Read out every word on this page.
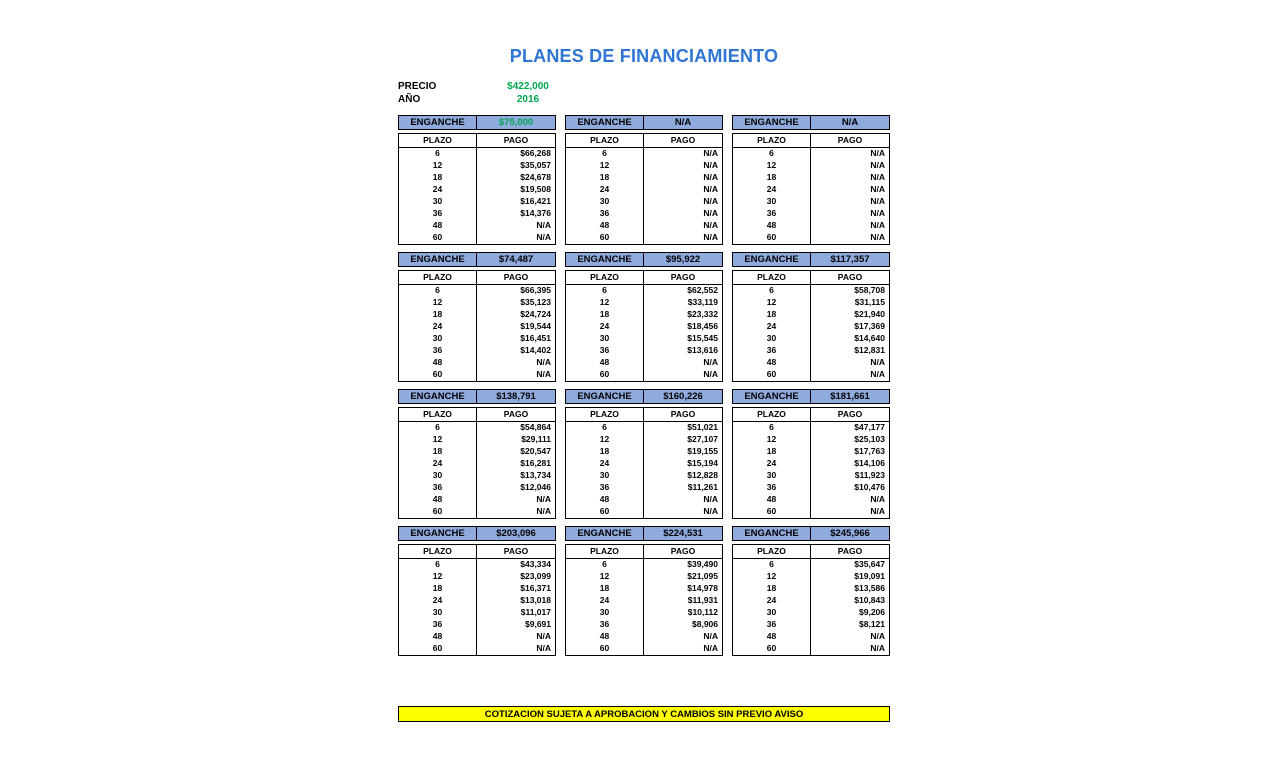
PLANES DE FINANCIAMIENTO
PRECIO	$422,000
AÑO	2016
ENGANCHE	$75,000
PLAZO	PAGO
6	$66,268
12	$35,057
18	$24,678
24	$19,508
30	$16,421
36	$14,376
48	N/A
60	N/A
ENGANCHE	N/A
PLAZO	PAGO
6	N/A
12	N/A
18	N/A
24	N/A
30	N/A
36	N/A
48	N/A
60	N/A
ENGANCHE	N/A
PLAZO	PAGO
6	N/A
12	N/A
18	N/A
24	N/A
30	N/A
36	N/A
48	N/A
60	N/A
ENGANCHE	$74,487
PLAZO	PAGO
6	$66,395
12	$35,123
18	$24,724
24	$19,544
30	$16,451
36	$14,402
48	N/A
60	N/A
ENGANCHE	$95,922
PLAZO	PAGO
6	$62,552
12	$33,119
18	$23,332
24	$18,456
30	$15,545
36	$13,616
48	N/A
60	N/A
ENGANCHE	$117,357
PLAZO	PAGO
6	$58,708
12	$31,115
18	$21,940
24	$17,369
30	$14,640
36	$12,831
48	N/A
60	N/A
ENGANCHE	$138,791
PLAZO	PAGO
6	$54,864
12	$29,111
18	$20,547
24	$16,281
30	$13,734
36	$12,046
48	N/A
60	N/A
ENGANCHE	$160,226
PLAZO	PAGO
6	$51,021
12	$27,107
18	$19,155
24	$15,194
30	$12,828
36	$11,261
48	N/A
60	N/A
ENGANCHE	$181,661
PLAZO	PAGO
6	$47,177
12	$25,103
18	$17,763
24	$14,106
30	$11,923
36	$10,476
48	N/A
60	N/A
ENGANCHE	$203,096
PLAZO	PAGO
6	$43,334
12	$23,099
18	$16,371
24	$13,018
30	$11,017
36	$9,691
48	N/A
60	N/A
ENGANCHE	$224,531
PLAZO	PAGO
6	$39,490
12	$21,095
18	$14,978
24	$11,931
30	$10,112
36	$8,906
48	N/A
60	N/A
ENGANCHE	$245,966
PLAZO	PAGO
6	$35,647
12	$19,091
18	$13,586
24	$10,843
30	$9,206
36	$8,121
48	N/A
60	N/A
COTIZACION SUJETA A APROBACION Y CAMBIOS SIN PREVIO AVISO
